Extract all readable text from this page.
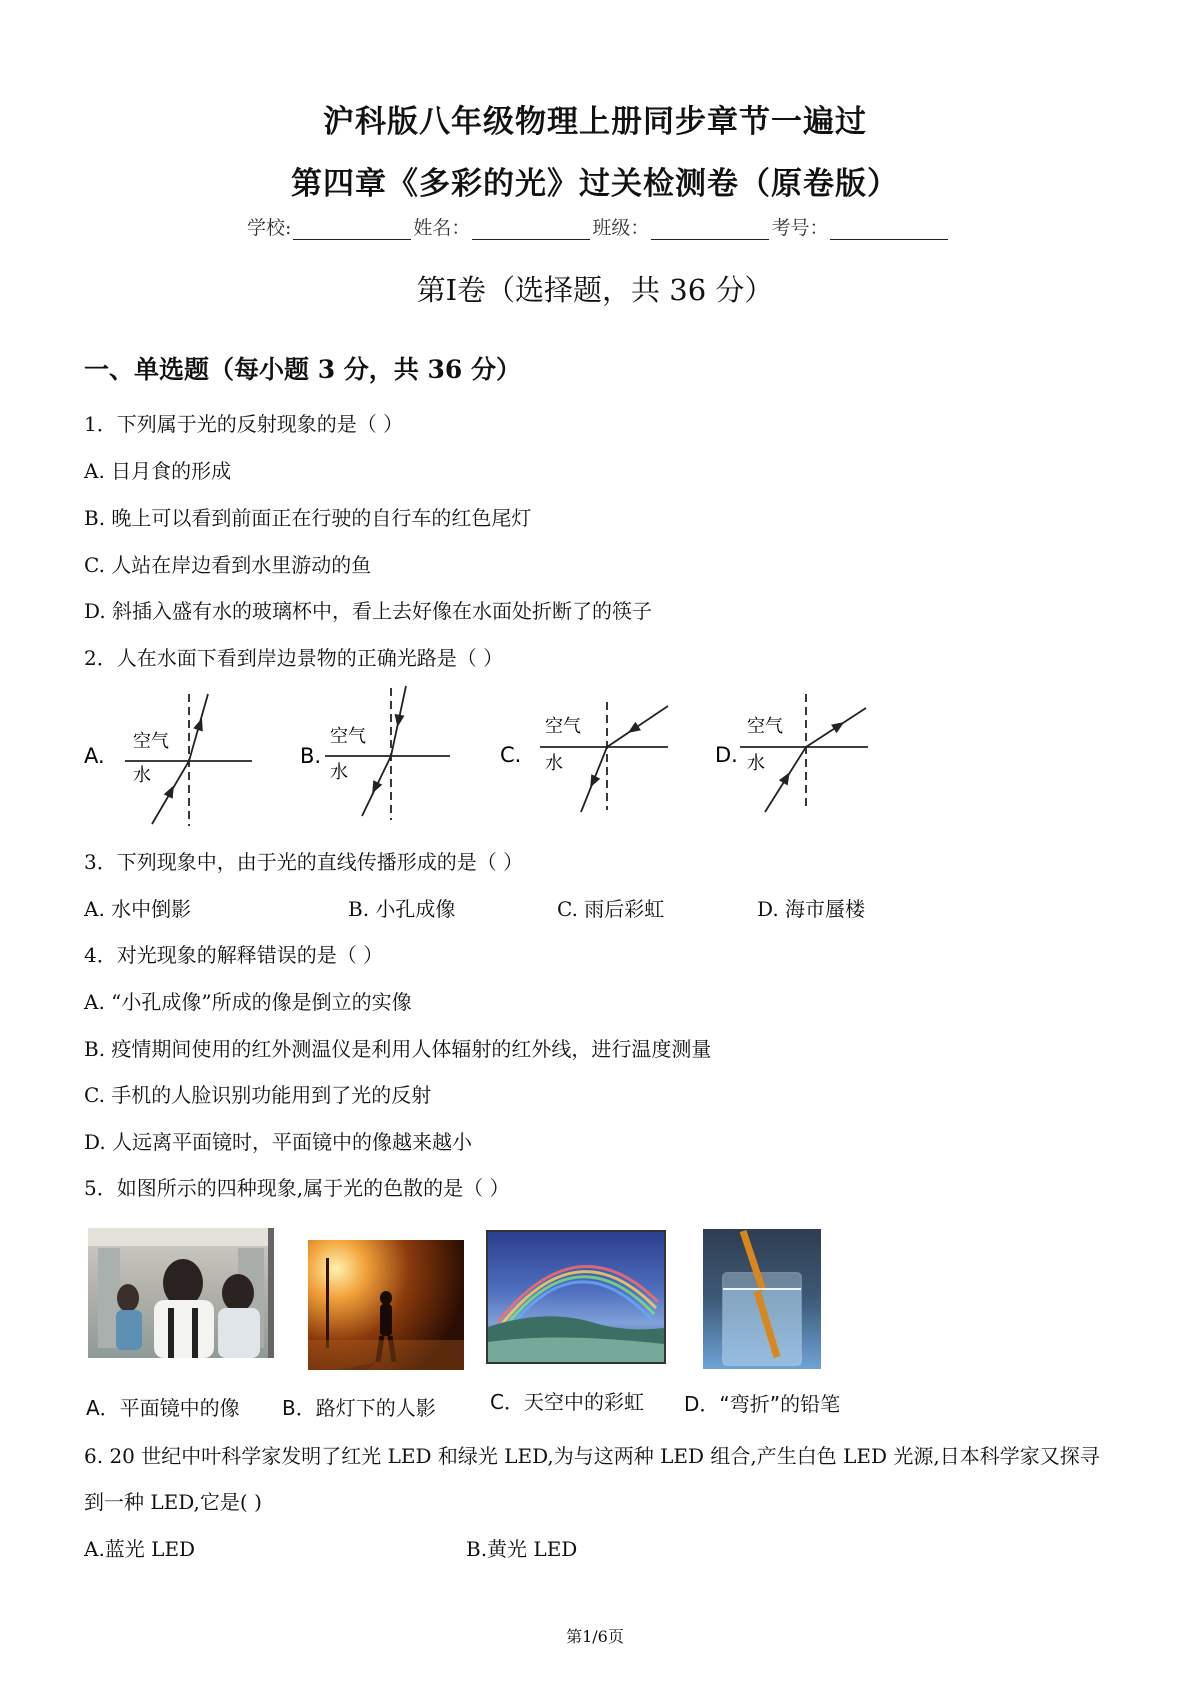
沪科版八年级物理上册同步章节一遍过
第四章《多彩的光》过关检测卷（原卷版）
学校:	姓名：	班级：	考号：
第Ⅰ卷（选择题，共 36 分）
一、单选题（每小题 3 分，共 36 分）
1．下列属于光的反射现象的是（ ）
A. 日月食的形成
B. 晚上可以看到前面正在行驶的自行车的红色尾灯
C. 人站在岸边看到水里游动的鱼
D. 斜插入盛有水的玻璃杯中，看上去好像在水面处折断了的筷子
2．人在水面下看到岸边景物的正确光路是（ ）
A.
空气
水
B.
空气
水
C.
空气
水	D.
空气
水
3．下列现象中，由于光的直线传播形成的是（ ）
A. 水中倒影	B. 小孔成像	C. 雨后彩虹	D. 海市蜃楼
4．对光现象的解释错误的是（ ）
A. “小孔成像”所成的像是倒立的实像
B. 疫情期间使用的红外测温仪是利用人体辐射的红外线，进行温度测量
C. 手机的人脸识别功能用到了光的反射
D. 人远离平面镜时，平面镜中的像越来越小
5．如图所示的四种现象,属于光的色散的是（ ）
A．平面镜中的像 B．路灯下的人影	C．天空中的彩虹 D．“弯折”的铅笔
6. 20 世纪中叶科学家发明了红光 LED 和绿光 LED,为与这两种 LED 组合,产生白色 LED 光源,日本科学家又探寻
到一种 LED,它是( )
A.蓝光 LED	B.黄光 LED
第1/6页
